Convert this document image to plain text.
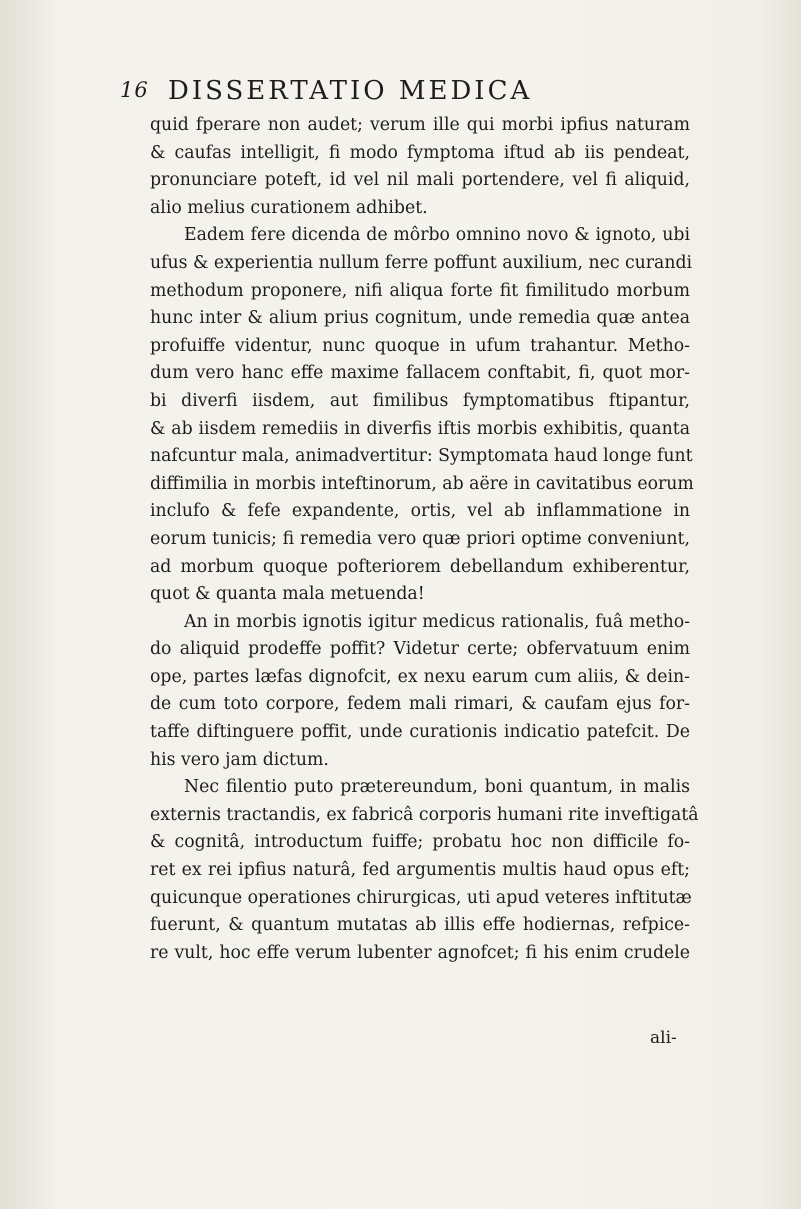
16 DISSERTATIO MEDICA
quid fperare non audet; verum ille qui morbi ipfius naturam
& caufas intelligit, fi modo fymptoma iftud ab iis pendeat,
pronunciare poteft, id vel nil mali portendere, vel fi aliquid,
alio melius curationem adhibet.
Eadem fere dicenda de môrbo omnino novo & ignoto, ubi
ufus & experientia nullum ferre poffunt auxilium, nec curandi
methodum proponere, nifi aliqua forte fit fimilitudo morbum
hunc inter & alium prius cognitum, unde remedia quæ antea
profuiffe videntur, nunc quoque in ufum trahantur. Metho-
dum vero hanc effe maxime fallacem conftabit, fi, quot mor-
bi diverfi iisdem, aut fimilibus fymptomatibus ftipantur,
& ab iisdem remediis in diverfis iftis morbis exhibitis, quanta
nafcuntur mala, animadvertitur: Symptomata haud longe funt
diffimilia in morbis inteftinorum, ab aëre in cavitatibus eorum
inclufo & fefe expandente, ortis, vel ab inflammatione in
eorum tunicis; fi remedia vero quæ priori optime conveniunt,
ad morbum quoque pofteriorem debellandum exhiberentur,
quot & quanta mala metuenda!
An in morbis ignotis igitur medicus rationalis, fuâ metho-
do aliquid prodeffe poffit? Videtur certe; obfervatuum enim
ope, partes læfas dignofcit, ex nexu earum cum aliis, & dein-
de cum toto corpore, fedem mali rimari, & caufam ejus for-
taffe diftinguere poffit, unde curationis indicatio patefcit. De
his vero jam dictum.
Nec filentio puto prætereundum, boni quantum, in malis
externis tractandis, ex fabricâ corporis humani rite inveftigatâ
& cognitâ, introductum fuiffe; probatu hoc non difficile fo-
ret ex rei ipfius naturâ, fed argumentis multis haud opus eft;
quicunque operationes chirurgicas, uti apud veteres inftitutæ
fuerunt, & quantum mutatas ab illis effe hodiernas, refpice-
re vult, hoc effe verum lubenter agnofcet; fi his enim crudele
ali-
